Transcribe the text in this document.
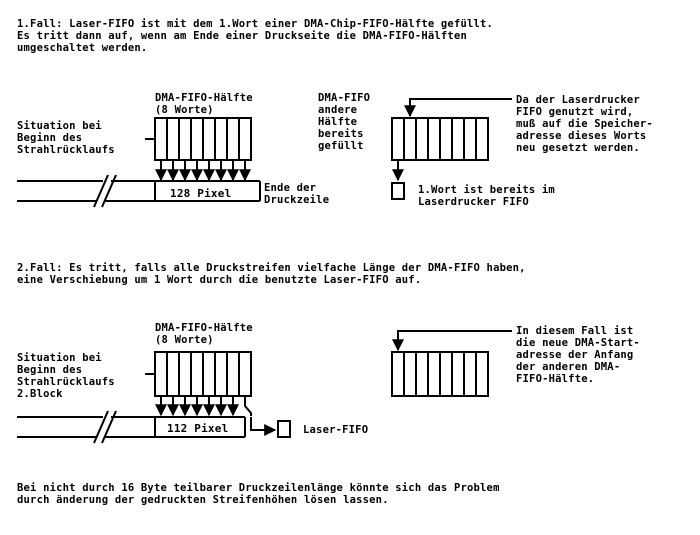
1.Fall: Laser-FIFO ist mit dem 1.Wort einer DMA-Chip-FIFO-Hälfte gefüllt.
Es tritt dann auf, wenn am Ende einer Druckseite die DMA-FIFO-Hälften
umgeschaltet werden.
DMA-FIFO-Hälfte
(8 Worte)
Situation bei
Beginn des
Strahlrücklaufs
128 Pixel	Ende der
Druckzeile
DMA-FIFO
andere
Hälfte
bereits
gefüllt
Da der Laserdrucker
FIFO genutzt wird,
muß auf die Speicher-
adresse dieses Worts
neu gesetzt werden.
1.Wort ist bereits im
Laserdrucker FIFO
2.Fall: Es tritt, falls alle Druckstreifen vielfache Länge der DMA-FIFO haben,
eine Verschiebung um 1 Wort durch die benutzte Laser-FIFO auf.
DMA-FIFO-Hälfte
(8 Worte)
Situation bei
Beginn des
Strahlrücklaufs
2.Block
112 Pixel	Laser-FIFO
In diesem Fall ist
die neue DMA-Start-
adresse der Anfang
der anderen DMA-
FIFO-Hälfte.
Bei nicht durch 16 Byte teilbarer Druckzeilenlänge könnte sich das Problem
durch änderung der gedruckten Streifenhöhen lösen lassen.
